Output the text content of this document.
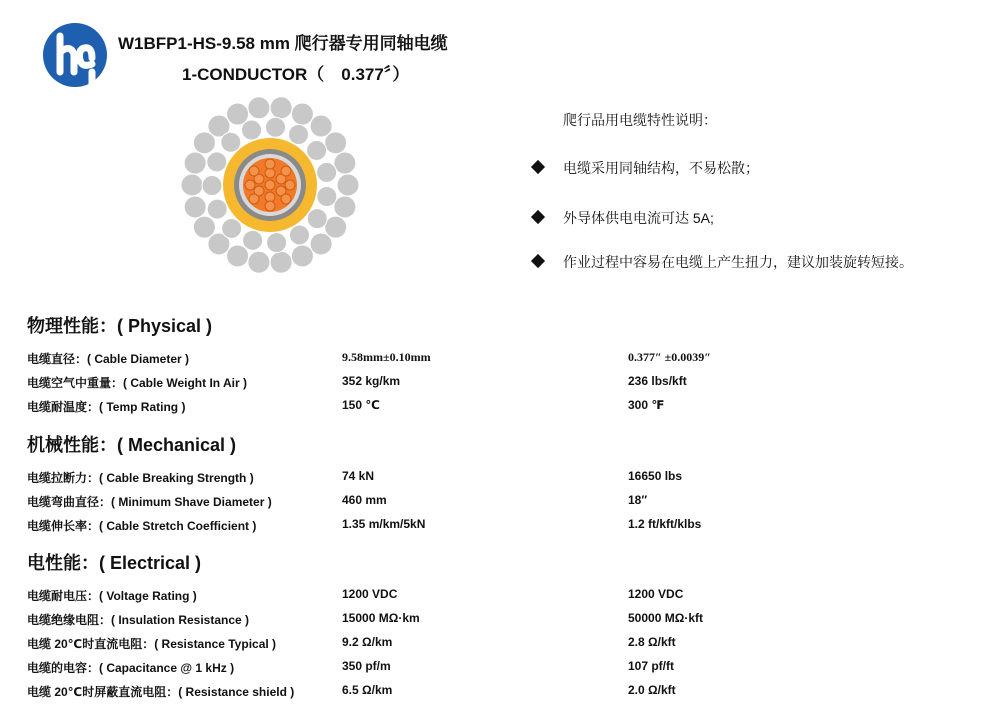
W1BFP1-HS-9.58 mm 爬行器专用同轴电缆
1-CONDUCTOR（　0.377〞）
爬行品用电缆特性说明：
电缆采用同轴结构，不易松散；
外导体供电电流可达 5A;
作业过程中容易在电缆上产生扭力，建议加装旋转短接。
物理性能：( Physical )
电缆直径：( Cable Diameter )	9.58mm±0.10mm	0.377″ ±0.0039″
电缆空气中重量：( Cable Weight In Air )	352 kg/km	236 lbs/kft
电缆耐温度：( Temp Rating )	150 ℃	300 ℉
机械性能：( Mechanical )
电缆拉断力：( Cable Breaking Strength )	74 kN	16650 lbs
电缆弯曲直径：( Minimum Shave Diameter )	460 mm	18″
电缆伸长率：( Cable Stretch Coefficient )	1.35 m/km/5kN	1.2 ft/kft/klbs
电性能：( Electrical )
电缆耐电压：( Voltage Rating )	1200 VDC	1200 VDC
电缆绝缘电阻：( Insulation Resistance )	15000 MΩ·km	50000 MΩ·kft
电缆 20℃时直流电阻：( Resistance Typical )	9.2 Ω/km	2.8 Ω/kft
电缆的电容：( Capacitance @ 1 kHz )	350 pf/m	107 pf/ft
电缆 20℃时屏蔽直流电阻：( Resistance shield )	6.5 Ω/km	2.0 Ω/kft
